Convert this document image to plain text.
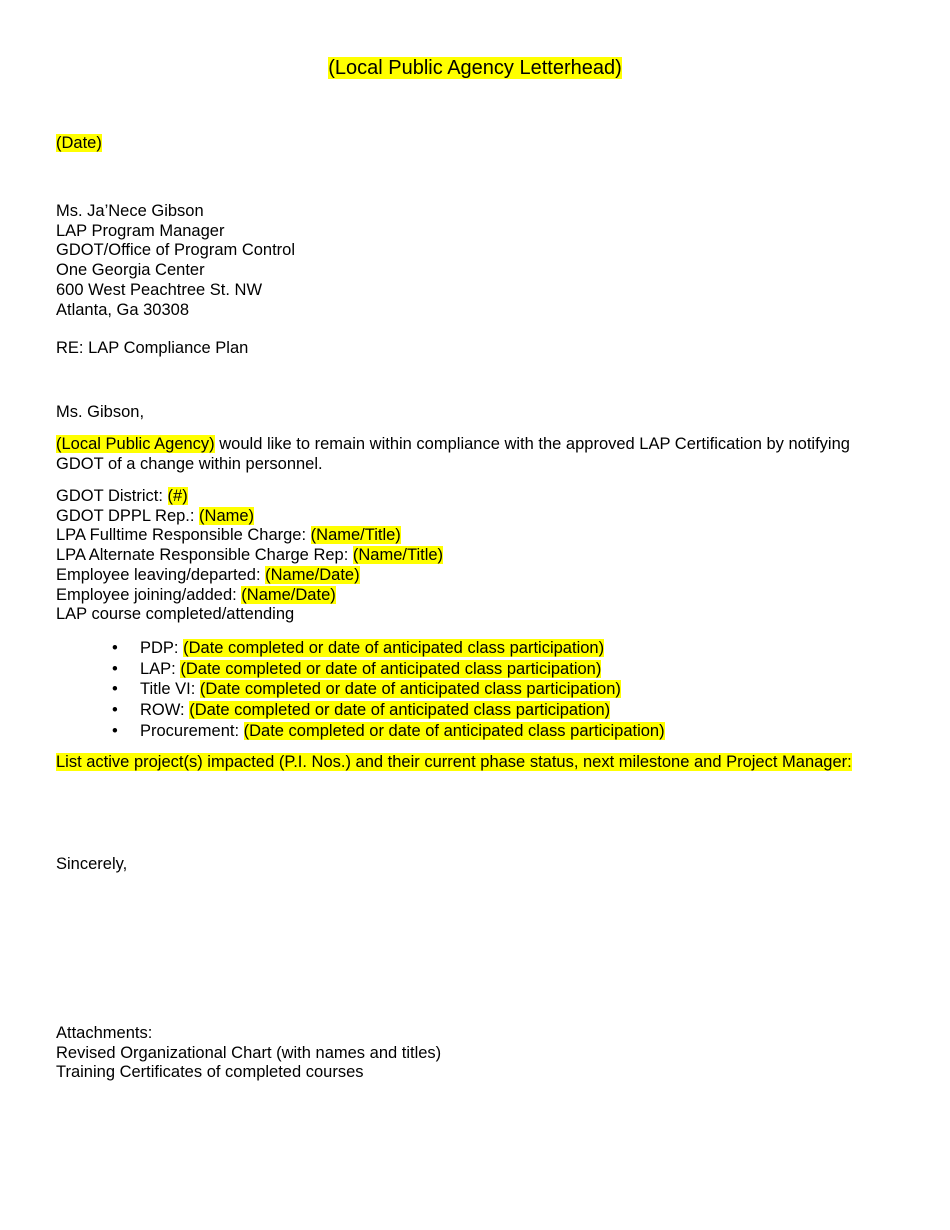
(Local Public Agency Letterhead)
(Date)
Ms. Ja’Nece Gibson
LAP Program Manager
GDOT/Office of Program Control
One Georgia Center
600 West Peachtree St. NW
Atlanta, Ga 30308
RE: LAP Compliance Plan
Ms. Gibson,
(Local Public Agency) would like to remain within compliance with the approved LAP Certification by notifying GDOT of a change within personnel.
GDOT District: (#)
GDOT DPPL Rep.: (Name)
LPA Fulltime Responsible Charge: (Name/Title)
LPA Alternate Responsible Charge Rep: (Name/Title)
Employee leaving/departed: (Name/Date)
Employee joining/added: (Name/Date)
LAP course completed/attending
• PDP: (Date completed or date of anticipated class participation)
• LAP: (Date completed or date of anticipated class participation)
• Title VI: (Date completed or date of anticipated class participation)
• ROW: (Date completed or date of anticipated class participation)
• Procurement: (Date completed or date of anticipated class participation)
List active project(s) impacted (P.I. Nos.) and their current phase status, next milestone and Project Manager:
Sincerely,
Attachments:
Revised Organizational Chart (with names and titles)
Training Certificates of completed courses
